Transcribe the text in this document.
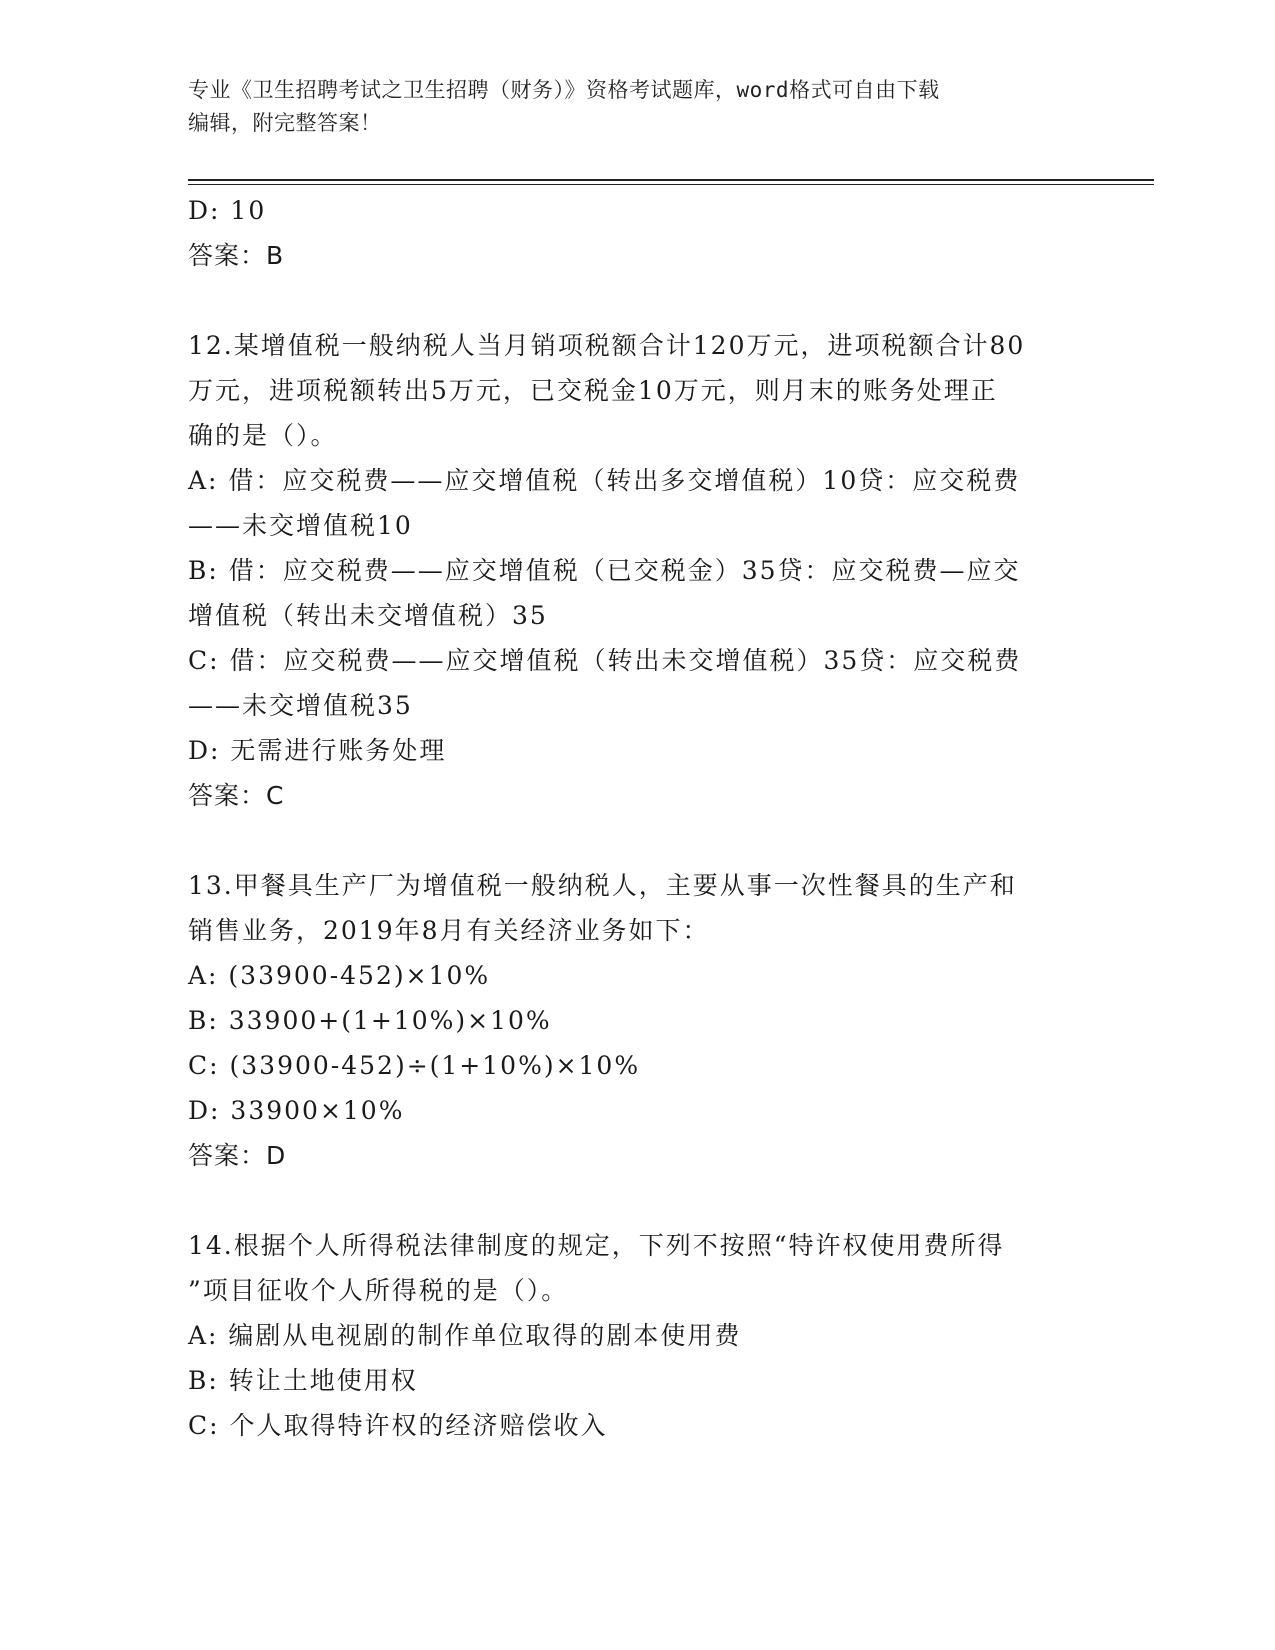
专业《卫生招聘考试之卫生招聘（财务）》资格考试题库，word格式可自由下载
编辑，附完整答案！
D: 10
答案：B
12.某增值税一般纳税人当月销项税额合计120万元，进项税额合计80
万元，进项税额转出5万元，已交税金10万元，则月末的账务处理正
确的是（）。
A: 借：应交税费——应交增值税（转出多交增值税）10贷：应交税费
——未交增值税10
B: 借：应交税费——应交增值税（已交税金）35贷：应交税费—应交
增值税（转出未交增值税）35
C: 借：应交税费——应交增值税（转出未交增值税）35贷：应交税费
——未交增值税35
D: 无需进行账务处理
答案：C
13.甲餐具生产厂为增值税一般纳税人，主要从事一次性餐具的生产和
销售业务，2019年8月有关经济业务如下：
A: (33900-452)×10%
B: 33900+(1+10%)×10%
C: (33900-452)÷(1+10%)×10%
D: 33900×10%
答案：D
14.根据个人所得税法律制度的规定，下列不按照“特许权使用费所得
”项目征收个人所得税的是（）。
A: 编剧从电视剧的制作单位取得的剧本使用费
B: 转让土地使用权
C: 个人取得特许权的经济赔偿收入
